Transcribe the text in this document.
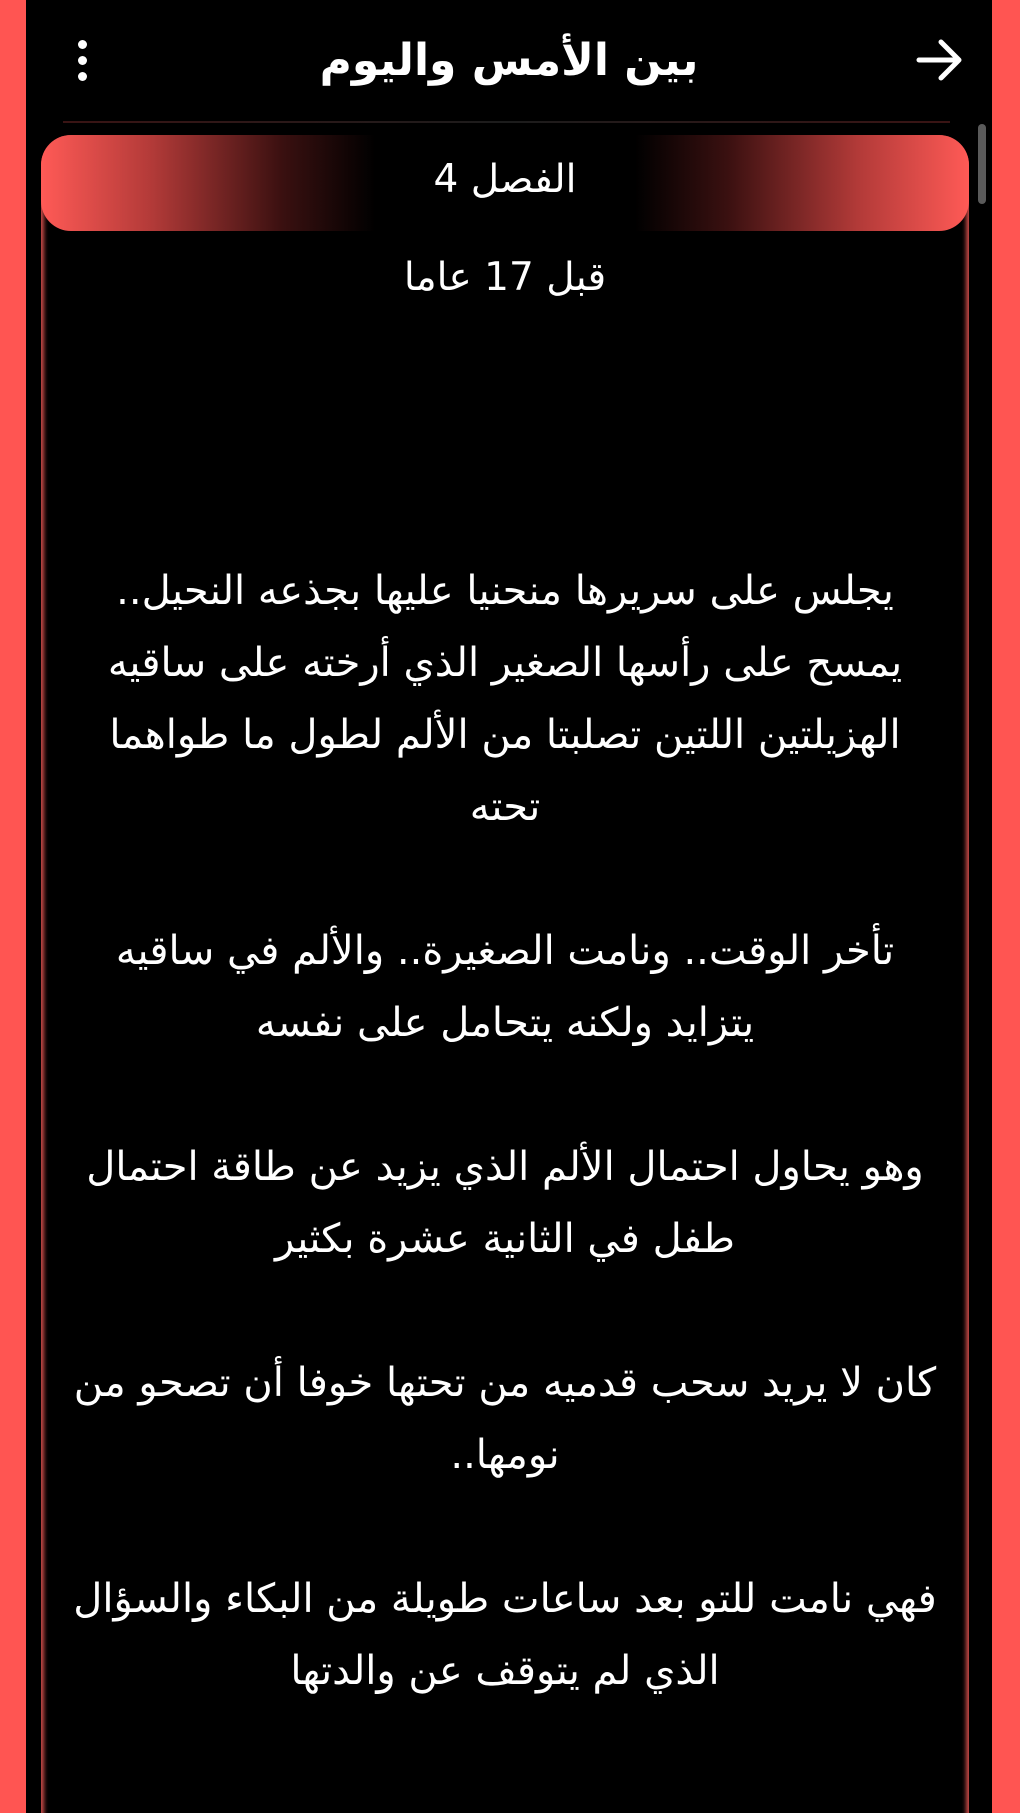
بين الأمس واليوم
الفصل 4
قبل 17 عاما

يجلس على سريرها منحنيا عليها بجذعه النحيل.. يمسح على رأسها الصغير الذي أرخته على ساقيه الهزيلتين اللتين تصلبتا من الألم لطول ما طواهما تحته

تأخر الوقت.. ونامت الصغيرة.. والألم في ساقيه يتزايد ولكنه يتحامل على نفسه

وهو يحاول احتمال الألم الذي يزيد عن طاقة احتمال طفل في الثانية عشرة بكثير

كان لا يريد سحب قدميه من تحتها خوفا أن تصحو من نومها..

فهي نامت للتو بعد ساعات طويلة من البكاء والسؤال الذي لم يتوقف عن والدتها
